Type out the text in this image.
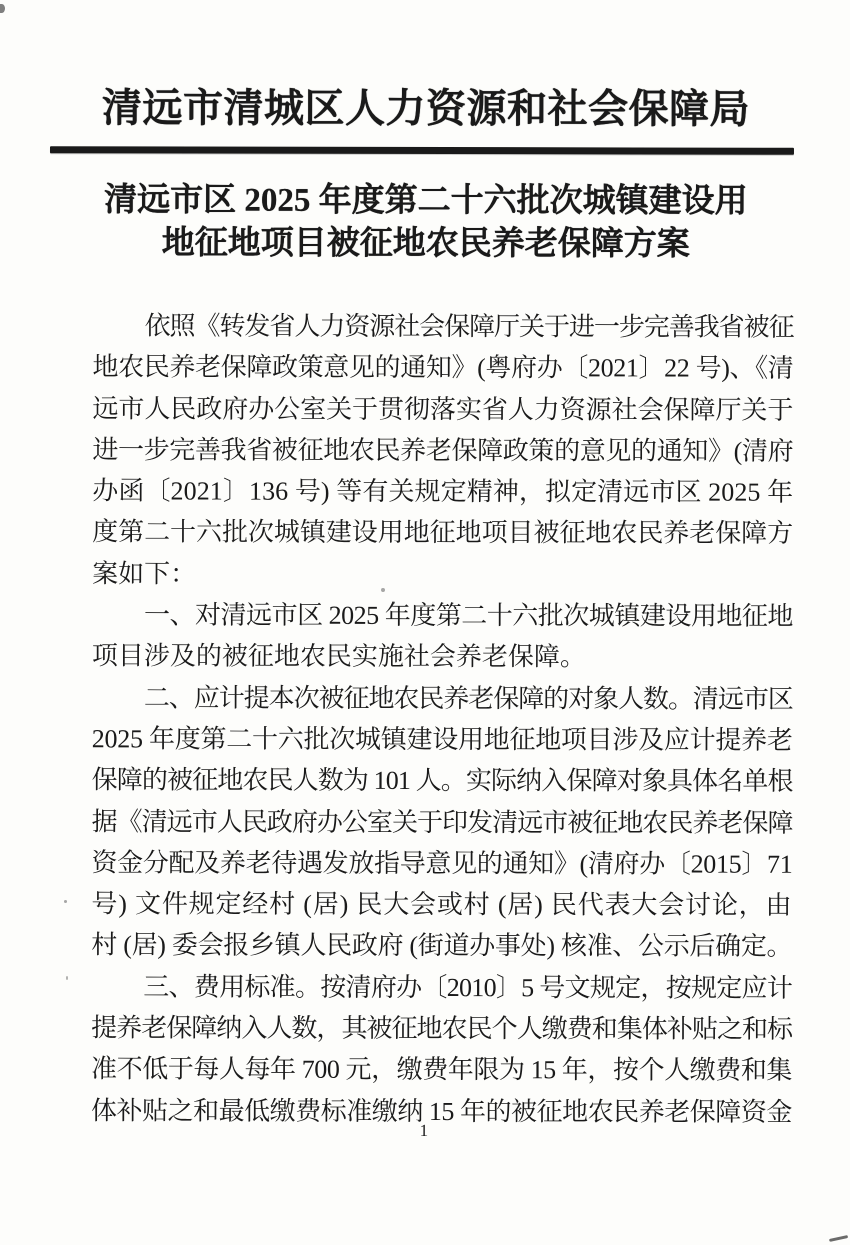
清远市清城区人力资源和社会保障局
清远市区 2025 年度第二十六批次城镇建设用
地征地项目被征地农民养老保障方案
依照《转发省人力资源社会保障厅关于进一步完善我省被征
地农民养老保障政策意见的通知》(粤府办〔2021〕22 号)、《清
远市人民政府办公室关于贯彻落实省人力资源社会保障厅关于
进一步完善我省被征地农民养老保障政策的意见的通知》(清府
办函〔2021〕136 号) 等有关规定精神，拟定清远市区 2025 年
度第二十六批次城镇建设用地征地项目被征地农民养老保障方
案如下：
一、对清远市区 2025 年度第二十六批次城镇建设用地征地
项目涉及的被征地农民实施社会养老保障。
二、应计提本次被征地农民养老保障的对象人数。清远市区
2025 年度第二十六批次城镇建设用地征地项目涉及应计提养老
保障的被征地农民人数为 101 人。实际纳入保障对象具体名单根
据《清远市人民政府办公室关于印发清远市被征地农民养老保障
资金分配及养老待遇发放指导意见的通知》(清府办〔2015〕71
号) 文件规定经村 (居) 民大会或村 (居) 民代表大会讨论，由
村 (居) 委会报乡镇人民政府 (街道办事处) 核准、公示后确定。
三、费用标准。按清府办〔2010〕5 号文规定，按规定应计
提养老保障纳入人数，其被征地农民个人缴费和集体补贴之和标
准不低于每人每年 700 元，缴费年限为 15 年，按个人缴费和集
体补贴之和最低缴费标准缴纳 15 年的被征地农民养老保障资金
1
